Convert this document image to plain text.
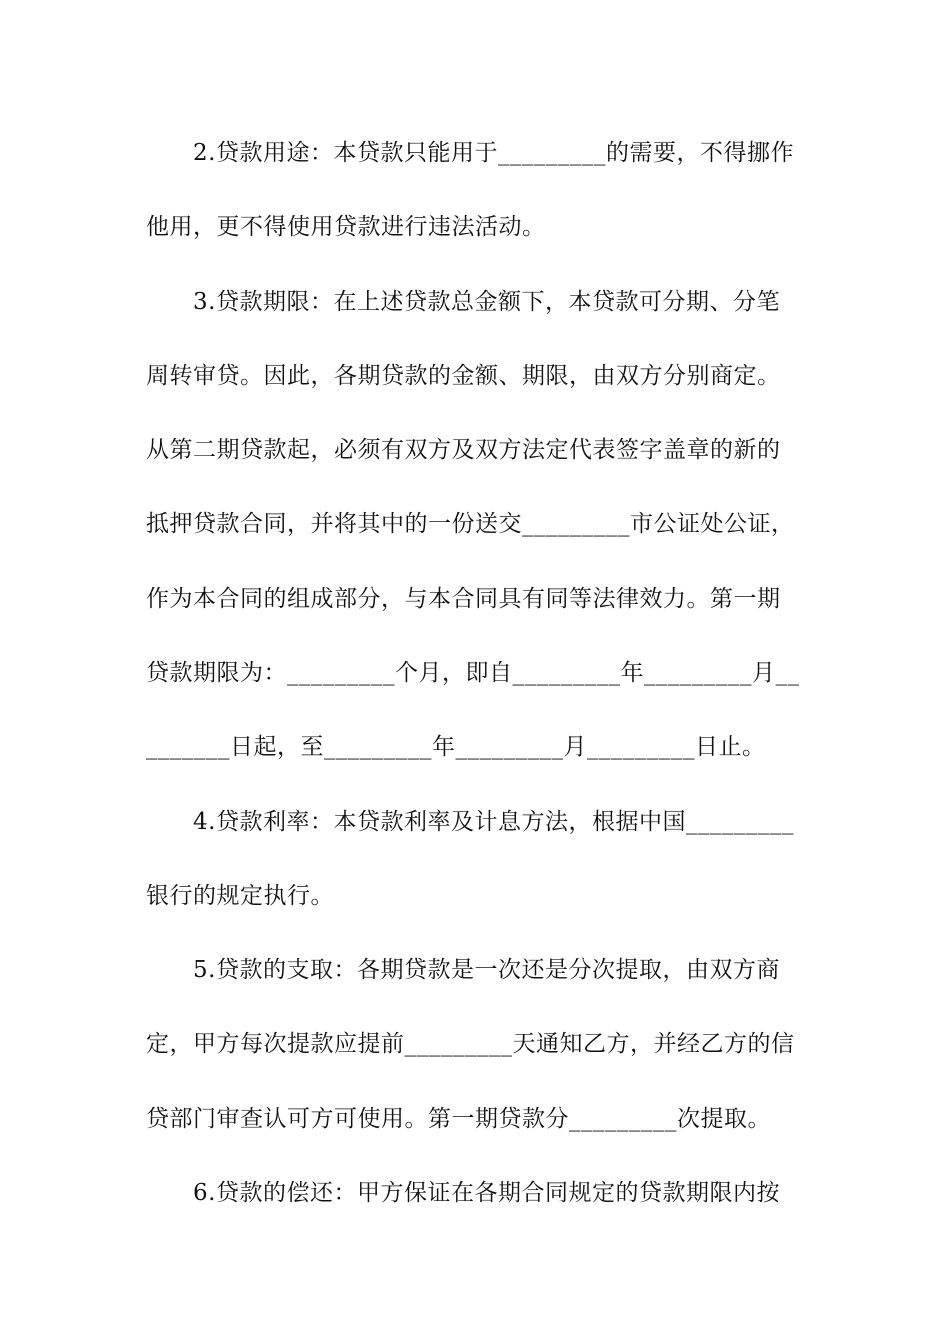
　　2.贷款用途：本贷款只能用于_________的需要，不得挪作
他用，更不得使用贷款进行违法活动。
　　3.贷款期限：在上述贷款总金额下，本贷款可分期、分笔
周转审贷。因此，各期贷款的金额、期限，由双方分别商定。
从第二期贷款起，必须有双方及双方法定代表签字盖章的新的
抵押贷款合同，并将其中的一份送交_________市公证处公证，
作为本合同的组成部分，与本合同具有同等法律效力。第一期
贷款期限为：_________个月，即自_________年_________月__
_______日起，至_________年_________月_________日止。
　　4.贷款利率：本贷款利率及计息方法，根据中国_________
银行的规定执行。
　　5.贷款的支取：各期贷款是一次还是分次提取，由双方商
定，甲方每次提款应提前_________天通知乙方，并经乙方的信
贷部门审查认可方可使用。第一期贷款分_________次提取。
　　6.贷款的偿还：甲方保证在各期合同规定的贷款期限内按
